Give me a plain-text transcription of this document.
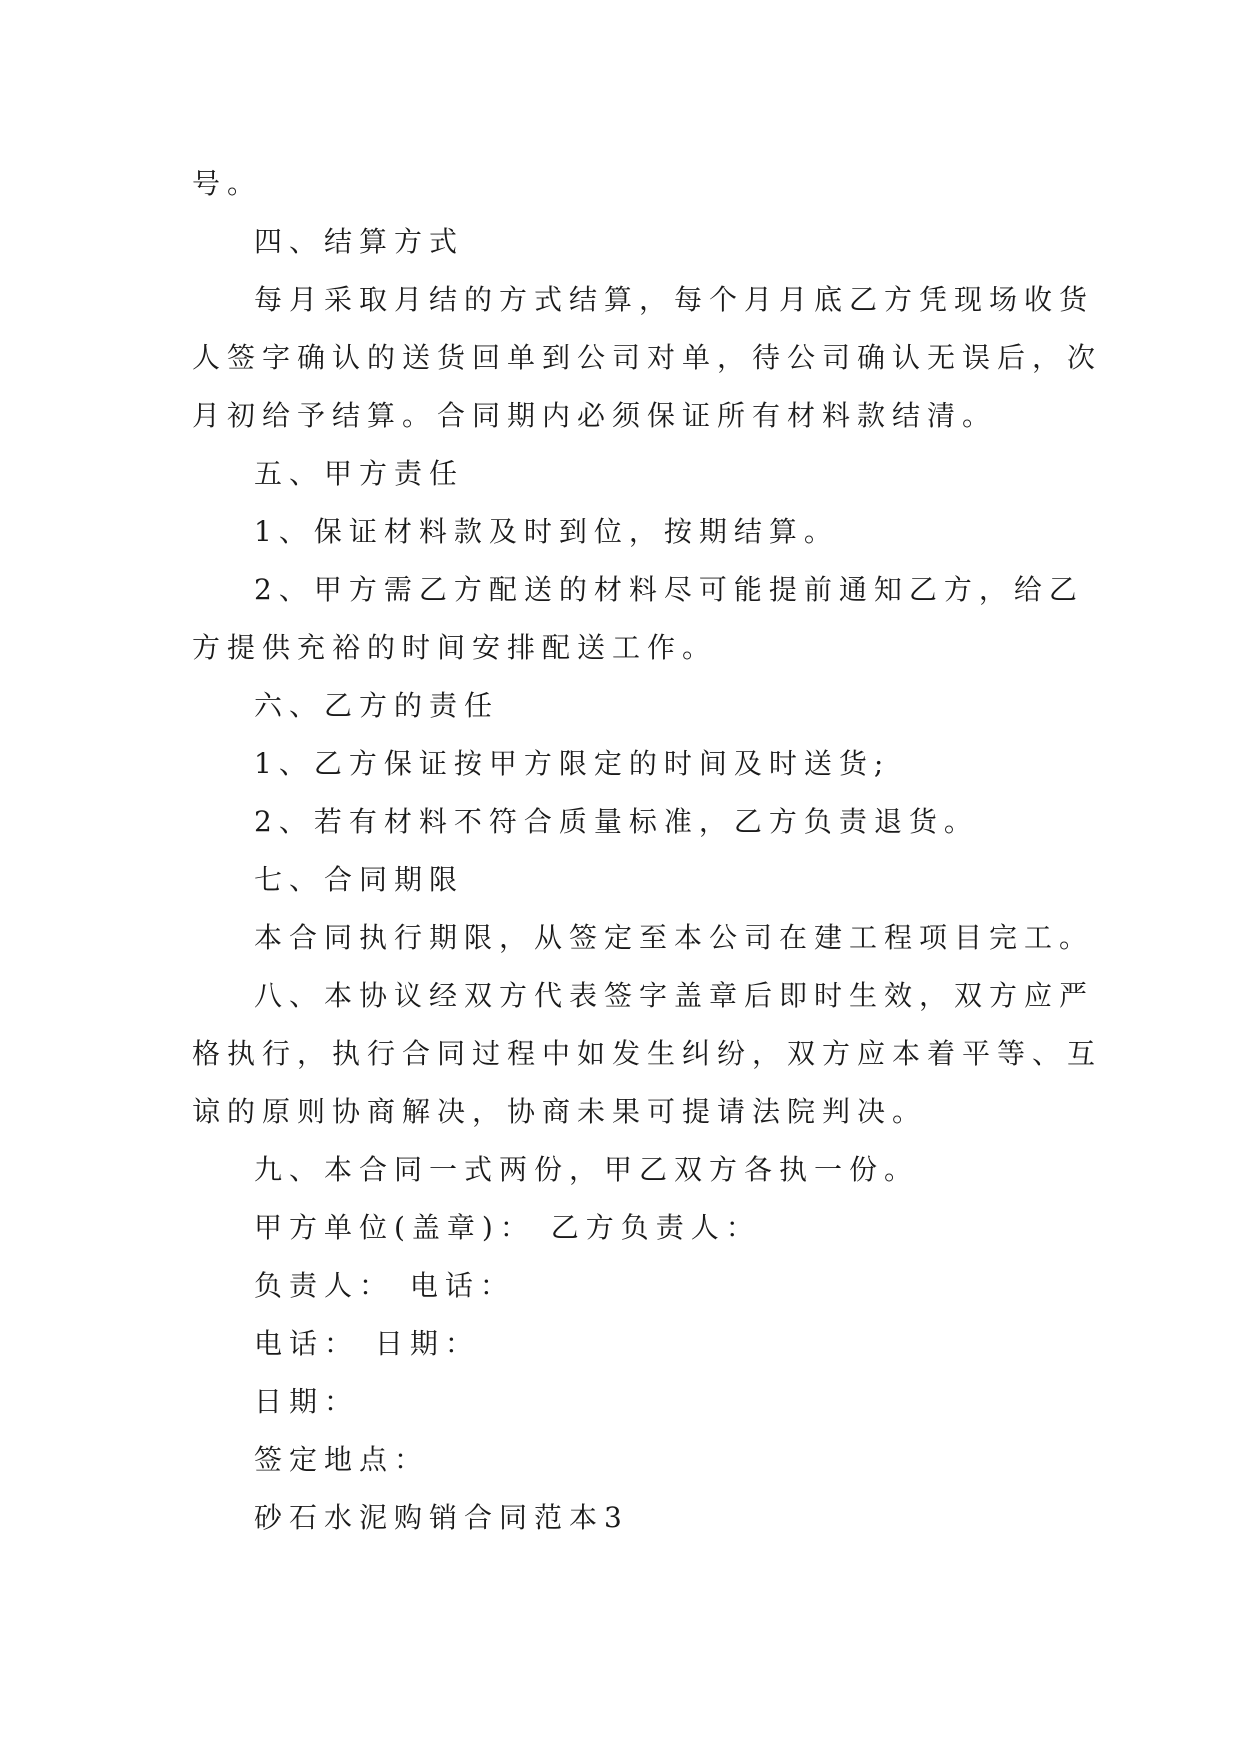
号。
四、结算方式
每月采取月结的方式结算，每个月月底乙方凭现场收货
人签字确认的送货回单到公司对单，待公司确认无误后，次
月初给予结算。合同期内必须保证所有材料款结清。
五、甲方责任
1、保证材料款及时到位，按期结算。
2、甲方需乙方配送的材料尽可能提前通知乙方，给乙
方提供充裕的时间安排配送工作。
六、乙方的责任
1、乙方保证按甲方限定的时间及时送货;
2、若有材料不符合质量标准，乙方负责退货。
七、合同期限
本合同执行期限，从签定至本公司在建工程项目完工。
八、本协议经双方代表签字盖章后即时生效，双方应严
格执行，执行合同过程中如发生纠纷，双方应本着平等、互
谅的原则协商解决，协商未果可提请法院判决。
九、本合同一式两份，甲乙双方各执一份。
甲方单位(盖章)： 乙方负责人：
负责人： 电话：
电话： 日期：
日期：
签定地点：
砂石水泥购销合同范本3
